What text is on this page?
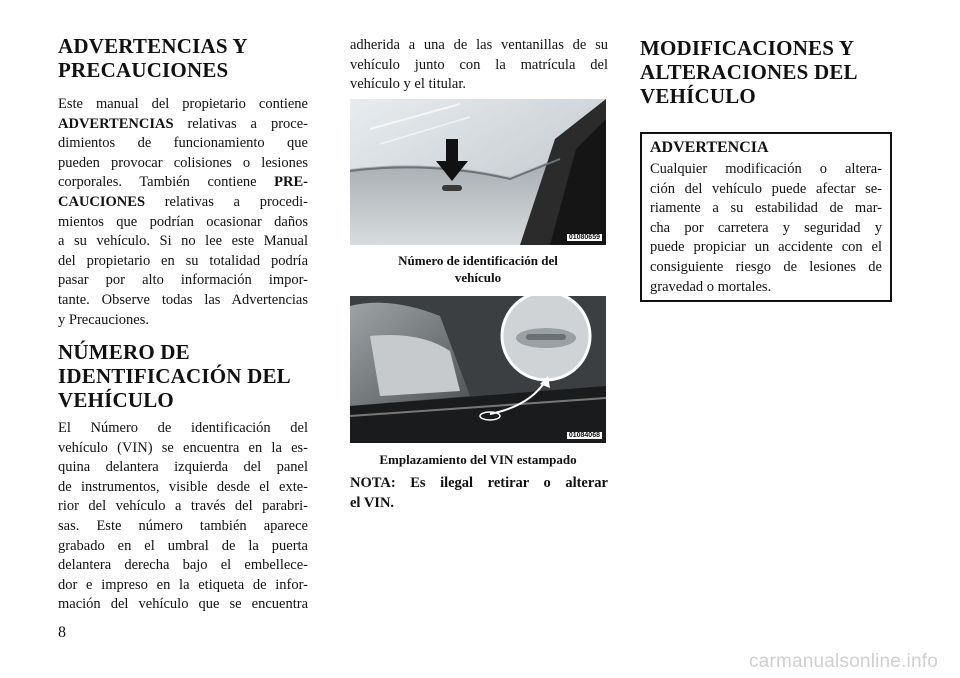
ADVERTENCIAS Y
PRECAUCIONES

Este manual del propietario contiene
ADVERTENCIAS relativas a proce-
dimientos de funcionamiento que
pueden provocar colisiones o lesiones
corporales. También contiene PRE-
CAUCIONES relativas a procedi-
mientos que podrían ocasionar daños
a su vehículo. Si no lee este Manual
del propietario en su totalidad podría
pasar por alto información impor-
tante. Observe todas las Advertencias
y Precauciones.

NÚMERO DE
IDENTIFICACIÓN DEL
VEHÍCULO

El Número de identificación del
vehículo (VIN) se encuentra en la es-
quina delantera izquierda del panel
de instrumentos, visible desde el exte-
rior del vehículo a través del parabri-
sas. Este número también aparece
grabado en el umbral de la puerta
delantera derecha bajo el embellece-
dor e impreso en la etiqueta de infor-
mación del vehículo que se encuentra

adherida a una de las ventanillas de su
vehículo junto con la matrícula del
vehículo y el titular.

01080659
Número de identificación del
vehículo
01084068
Emplazamiento del VIN estampado

NOTA: Es ilegal retirar o alterar
el VIN.

MODIFICACIONES Y
ALTERACIONES DEL
VEHÍCULO
ADVERTENCIA

Cualquier modificación o altera-
ción del vehículo puede afectar se-
riamente a su estabilidad de mar-
cha por carretera y seguridad y
puede propiciar un accidente con el
consiguiente riesgo de lesiones de
gravedad o mortales.

8
carmanualsonline.info
